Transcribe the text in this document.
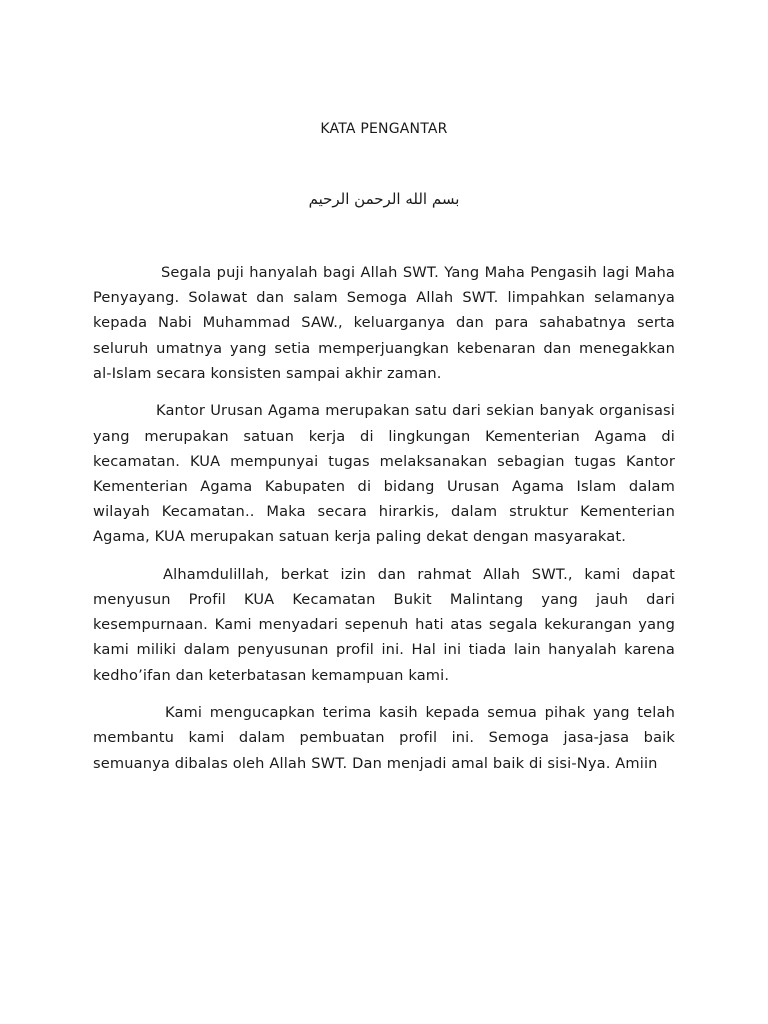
KATA PENGANTAR
بسم الله الرحمن الرحيم

Segala puji hanyalah bagi Allah SWT. Yang Maha Pengasih lagi Maha Penyayang. Solawat dan salam Semoga Allah SWT. limpahkan selamanya kepada Nabi Muhammad SAW., keluarganya dan para sahabatnya serta seluruh umatnya yang setia memperjuangkan kebenaran dan menegakkan al-Islam secara konsisten sampai akhir zaman.

Kantor Urusan Agama merupakan satu dari sekian banyak organisasi yang merupakan satuan kerja di lingkungan Kementerian Agama di kecamatan. KUA mempunyai tugas melaksanakan sebagian tugas Kantor Kementerian Agama Kabupaten di bidang Urusan Agama Islam dalam wilayah Kecamatan.. Maka secara hirarkis, dalam struktur Kementerian Agama, KUA merupakan satuan kerja paling dekat dengan masyarakat.

Alhamdulillah, berkat izin dan rahmat Allah SWT., kami dapat menyusun Profil KUA Kecamatan Bukit Malintang yang jauh dari kesempurnaan. Kami menyadari sepenuh hati atas segala kekurangan yang kami miliki dalam penyusunan profil ini. Hal ini tiada lain hanyalah karena kedho’ifan dan keterbatasan kemampuan kami.

Kami mengucapkan terima kasih kepada semua pihak yang telah membantu kami dalam pembuatan profil ini. Semoga jasa-jasa baik semuanya dibalas oleh Allah SWT. Dan menjadi amal baik di sisi-Nya. Amiin
